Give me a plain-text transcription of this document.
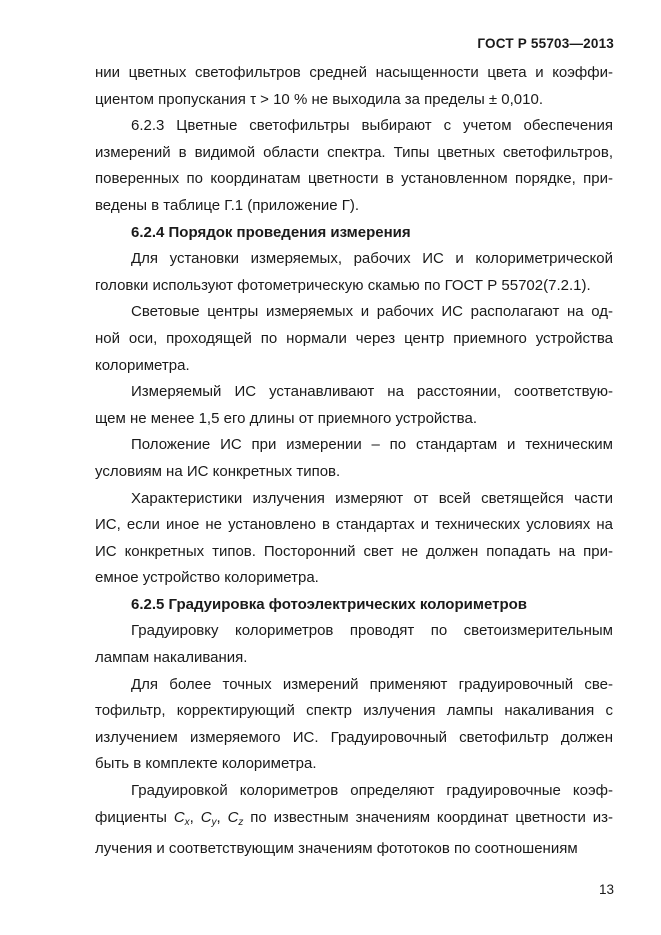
ГОСТ Р 55703—2013

нии цветных светофильтров средней насыщенности цвета и коэффи-
циентом пропускания τ > 10 % не выходила за пределы ± 0,010.

6.2.3 Цветные светофильтры выбирают с учетом обеспечения
измерений в видимой области спектра. Типы цветных светофильтров,
поверенных по координатам цветности в установленном порядке, при-
ведены в таблице Г.1 (приложение Г).

6.2.4 Порядок проведения измерения

Для установки измеряемых, рабочих ИС и колориметрической
головки используют фотометрическую скамью по ГОСТ Р 55702(7.2.1).

Световые центры измеряемых и рабочих ИС располагают на од-
ной оси, проходящей по нормали через центр приемного устройства
колориметра.

Измеряемый ИС устанавливают на расстоянии, соответствую-
щем не менее 1,5 его длины от приемного устройства.

Положение ИС при измерении – по стандартам и техническим
условиям на ИС конкретных типов.

Характеристики излучения измеряют от всей светящейся части
ИС, если иное не установлено в стандартах и технических условиях на
ИС конкретных типов. Посторонний свет не должен попадать на при-
емное устройство колориметра.

6.2.5 Градуировка фотоэлектрических колориметров

Градуировку колориметров проводят по светоизмерительным
лампам накаливания.

Для более точных измерений применяют градуировочный све-
тофильтр, корректирующий спектр излучения лампы накаливания с
излучением измеряемого ИС. Градуировочный светофильтр должен
быть в комплекте колориметра.

Градуировкой колориметров определяют градуировочные коэф-
фициенты $C_x$, $C_y$, $C_z$ по известным значениям координат цветности из-
лучения и соответствующим значениям фототоков по соотношениям

13
